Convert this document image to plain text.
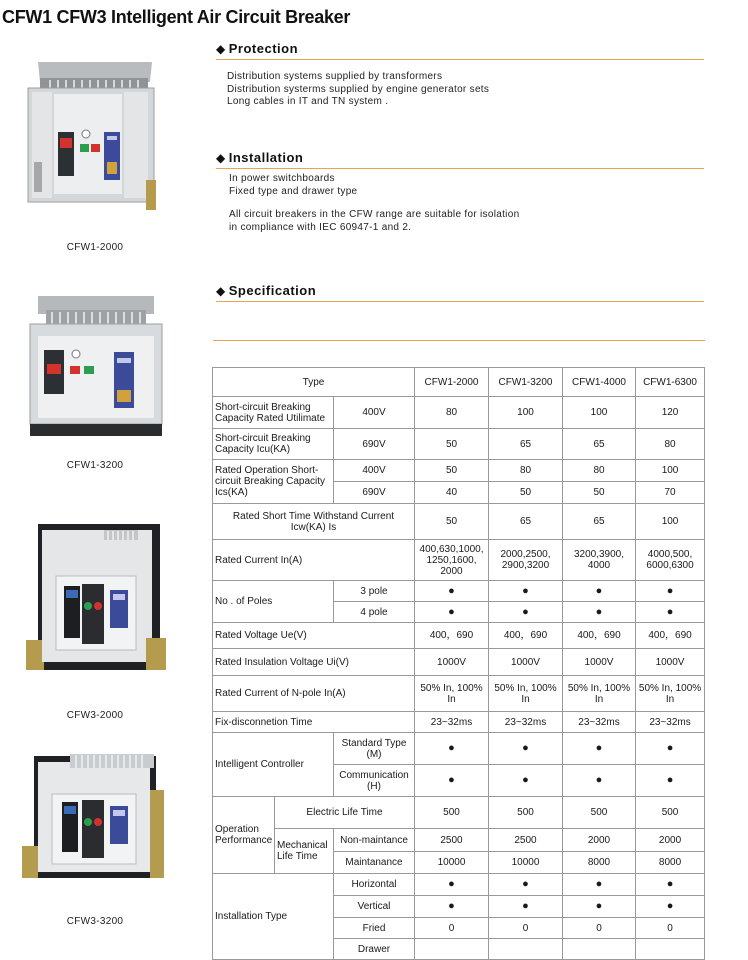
CFW1 CFW3 Intelligent Air Circuit Breaker
◆ Protection
Distribution systems supplied by transformers
Distribution systerms supplied by engine generator sets
Long cables in IT and TN system .
◆ Installation
In power switchboards
Fixed type and drawer type
All circuit breakers in the CFW range are suitable for isolation
in compliance with IEC 60947-1 and 2.
◆ Specification
CFW1-2000
CFW1-3200
CFW3-2000
CFW3-3200

Type			CFW1-2000	CFW1-3200	CFW1-4000	CFW1-6300
Short-circuit Breaking Capacity Rated Utilimate		400V	80	100	100	120
Short-circuit Breaking Capacity Icu(KA)		690V	50	65	65	80
Rated Operation Short-circuit Breaking Capacity Ics(KA)		400V	50	80	80	100
		690V	40	50	50	70
Rated Short Time Withstand Current Icw(KA) Is			50	65	65	100
Rated Current In(A)			400,630,1000, 1250,1600, 2000	2000,2500, 2900,3200	3200,3900, 4000	4000,500, 6000,6300
No . of Poles		3 pole	●	●	●	●
		4 pole	●	●	●	●
Rated Voltage Ue(V)			400，690	400，690	400，690	400，690
Rated Insulation Voltage Ui(V)			1000V	1000V	1000V	1000V
Rated Current of N-pole In(A)			50% In, 100% In	50% In, 100% In	50% In, 100% In	50% In, 100% In
Fix-disconnetion Time			23~32ms	23~32ms	23~32ms	23~32ms
Intelligent Controller		Standard Type (M)	●	●	●	●
		Communication (H)	●	●	●	●
Operation Performance	Electric Life Time		500	500	500	500
	Mechanical Life Time	Non-maintance	2500	2500	2000	2000
		Maintanance	10000	10000	8000	8000
Installation Type		Horizontal	●	●	●	●
		Vertical	●	●	●	●
		Fried	0	0	0	0
		Drawer				
